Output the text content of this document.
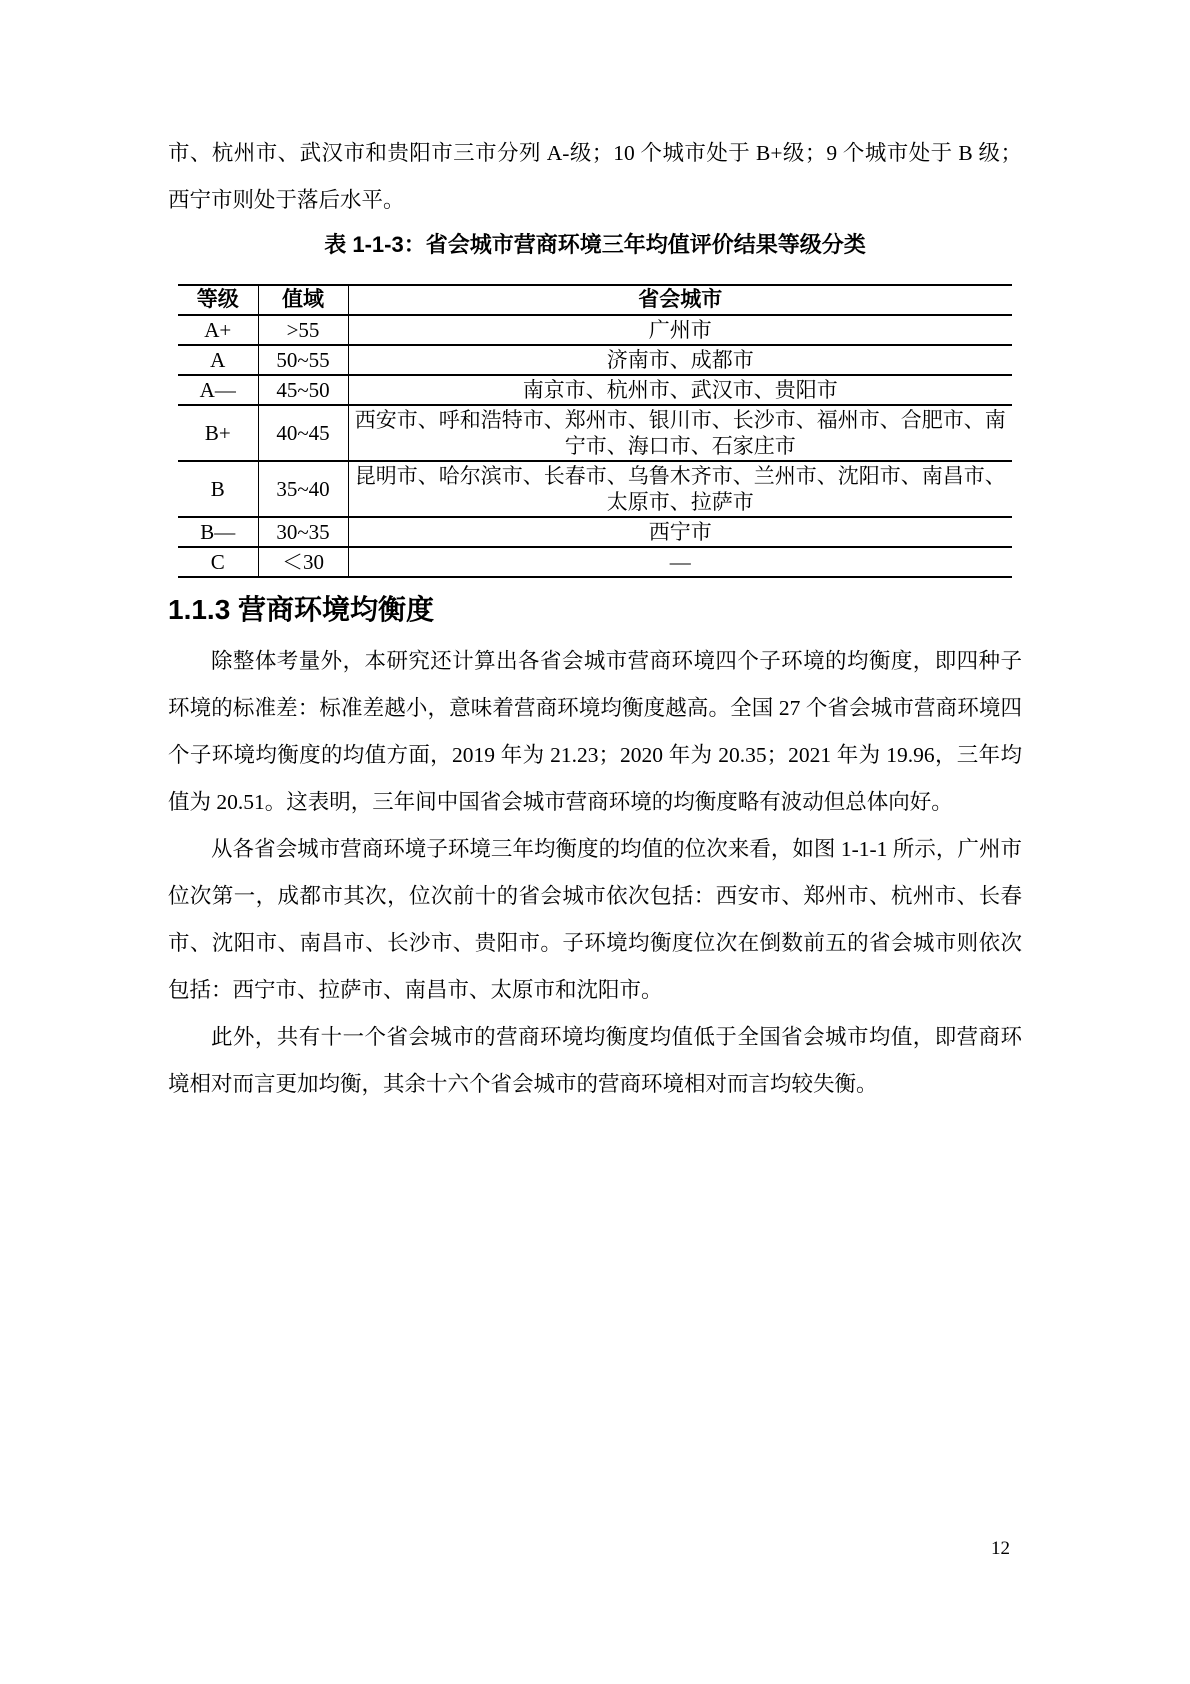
市、杭州市、武汉市和贵阳市三市分列 A-级；10 个城市处于 B+级；9 个城市处于 B 级；西宁市则处于落后水平。

表 1-1-3：省会城市营商环境三年均值评价结果等级分类

等级	值域	省会城市
A+	>55	广州市
A	50~55	济南市、成都市
A—	45~50	南京市、杭州市、武汉市、贵阳市
B+	40~45	西安市、呼和浩特市、郑州市、银川市、长沙市、福州市、合肥市、南宁市、海口市、石家庄市
B	35~40	昆明市、哈尔滨市、长春市、乌鲁木齐市、兰州市、沈阳市、南昌市、太原市、拉萨市
B—	30~35	西宁市
C	＜30	—
1.1.3 营商环境均衡度

除整体考量外，本研究还计算出各省会城市营商环境四个子环境的均衡度，即四种子环境的标准差：标准差越小，意味着营商环境均衡度越高。全国 27 个省会城市营商环境四个子环境均衡度的均值方面，2019 年为 21.23；2020 年为 20.35；2021 年为 19.96，三年均值为 20.51。这表明，三年间中国省会城市营商环境的均衡度略有波动但总体向好。

从各省会城市营商环境子环境三年均衡度的均值的位次来看，如图 1-1-1 所示，广州市位次第一，成都市其次，位次前十的省会城市依次包括：西安市、郑州市、杭州市、长春市、沈阳市、南昌市、长沙市、贵阳市。子环境均衡度位次在倒数前五的省会城市则依次包括：西宁市、拉萨市、南昌市、太原市和沈阳市。

此外，共有十一个省会城市的营商环境均衡度均值低于全国省会城市均值，即营商环境相对而言更加均衡，其余十六个省会城市的营商环境相对而言均较失衡。

12
